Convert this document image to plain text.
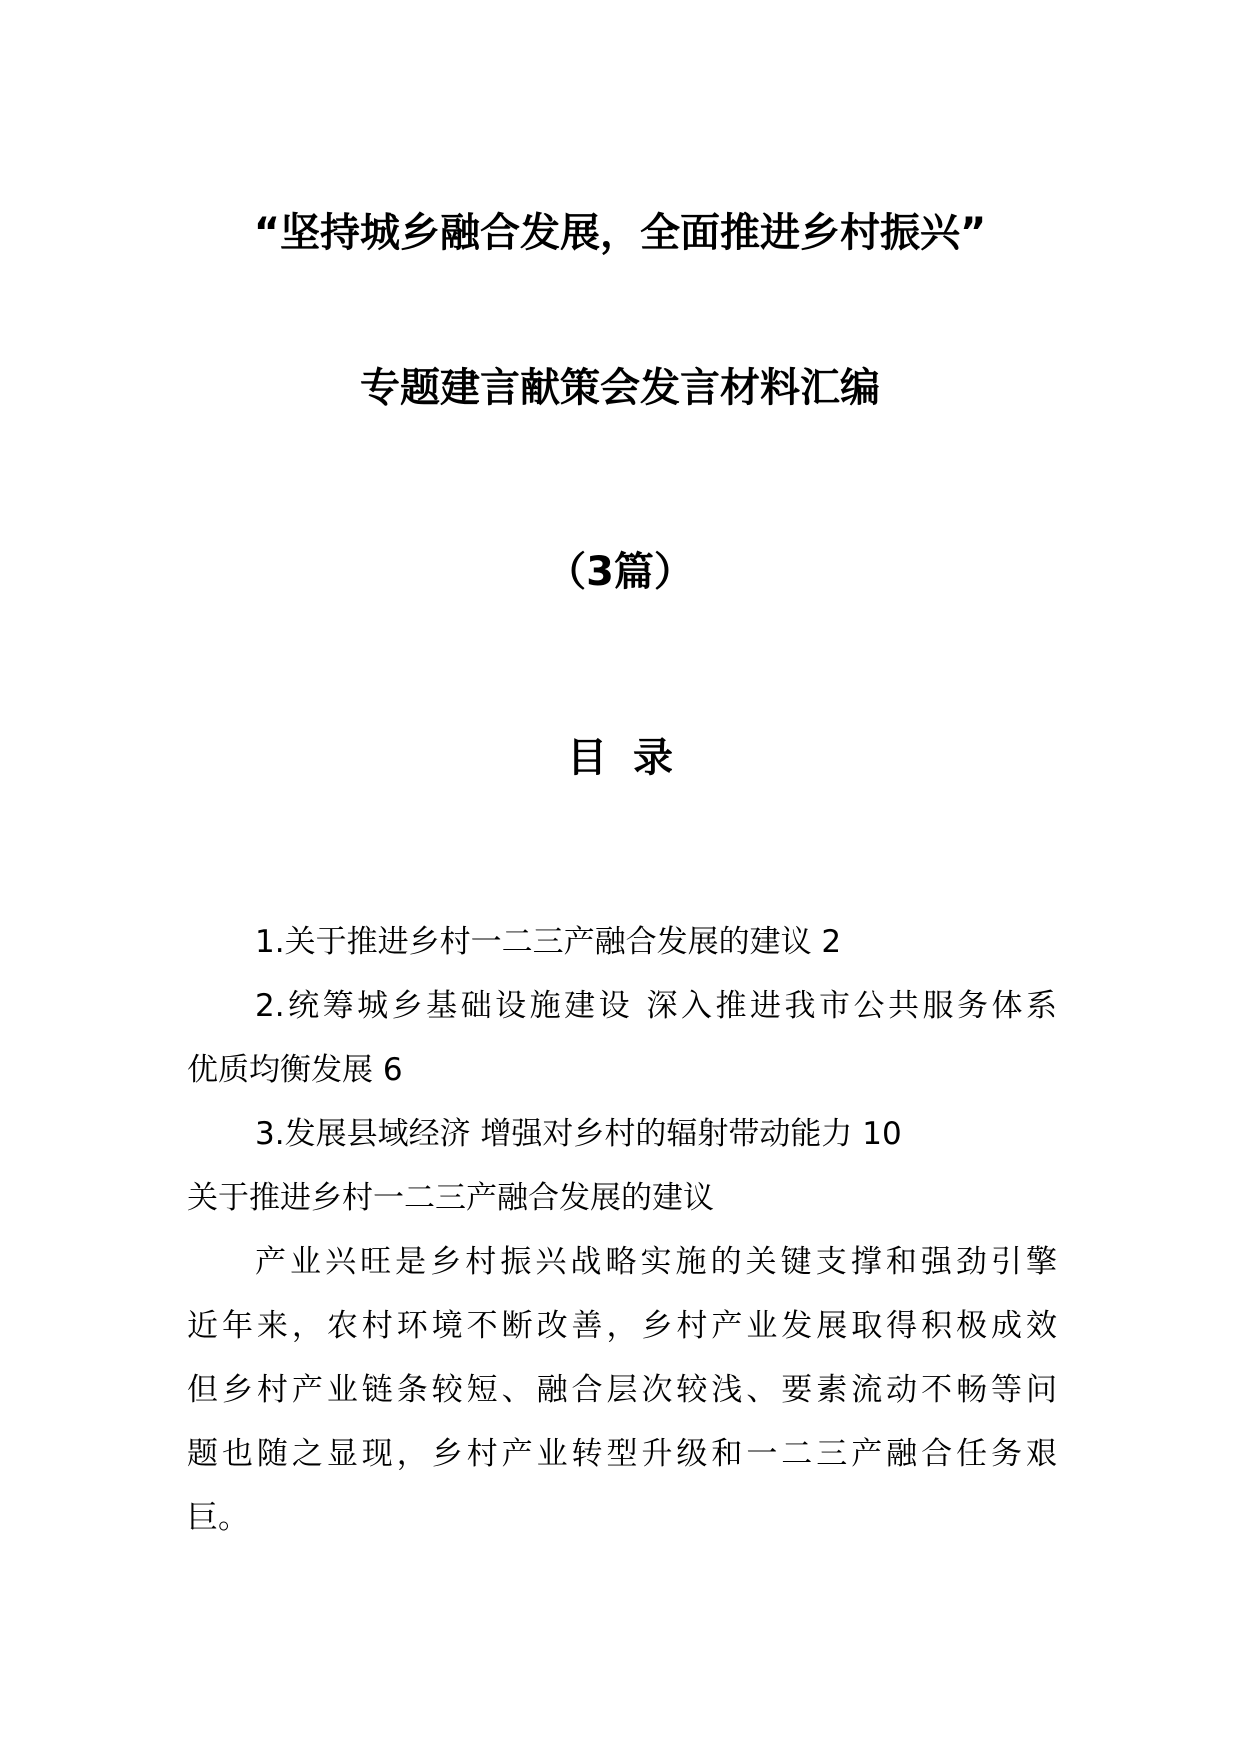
“坚持城乡融合发展，全面推进乡村振兴”
专题建言献策会发言材料汇编
（3篇）
目录
1.关于推进乡村一二三产融合发展的建议 2
2.统筹城乡基础设施建设 深入推进我市公共服务体系
优质均衡发展 6
3.发展县域经济 增强对乡村的辐射带动能力 10
关于推进乡村一二三产融合发展的建议
产业兴旺是乡村振兴战略实施的关键支撑和强劲引擎
近年来，农村环境不断改善，乡村产业发展取得积极成效
但乡村产业链条较短、融合层次较浅、要素流动不畅等问
题也随之显现，乡村产业转型升级和一二三产融合任务艰
巨。
